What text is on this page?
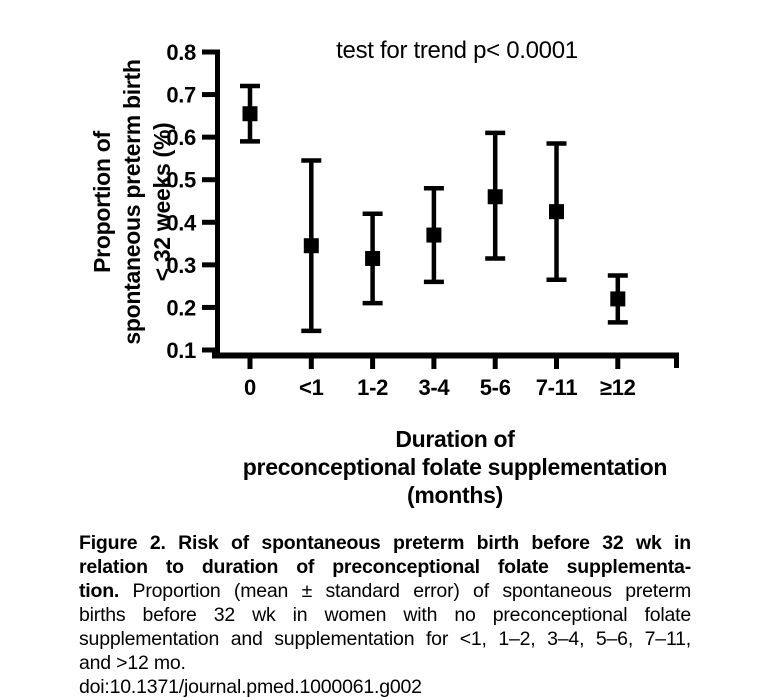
0.8
0.7
0.6
0.5
0.4
0.3
0.2
0.1
0 <1 1-2 3-4 5-6 7-11 ≥12
test for trend p< 0.0001
Proportion of spontaneous preterm birth < 32 weeks (%)
Duration of
preconceptional folate supplementation
(months)
Figure 2. Risk of spontaneous preterm birth before 32 wk in
relation to duration of preconceptional folate supplementa-
tion. Proportion (mean ± standard error) of spontaneous preterm
births before 32 wk in women with no preconceptional folate
supplementation and supplementation for <1, 1–2, 3–4, 5–6, 7–11,
and >12 mo.
doi:10.1371/journal.pmed.1000061.g002
